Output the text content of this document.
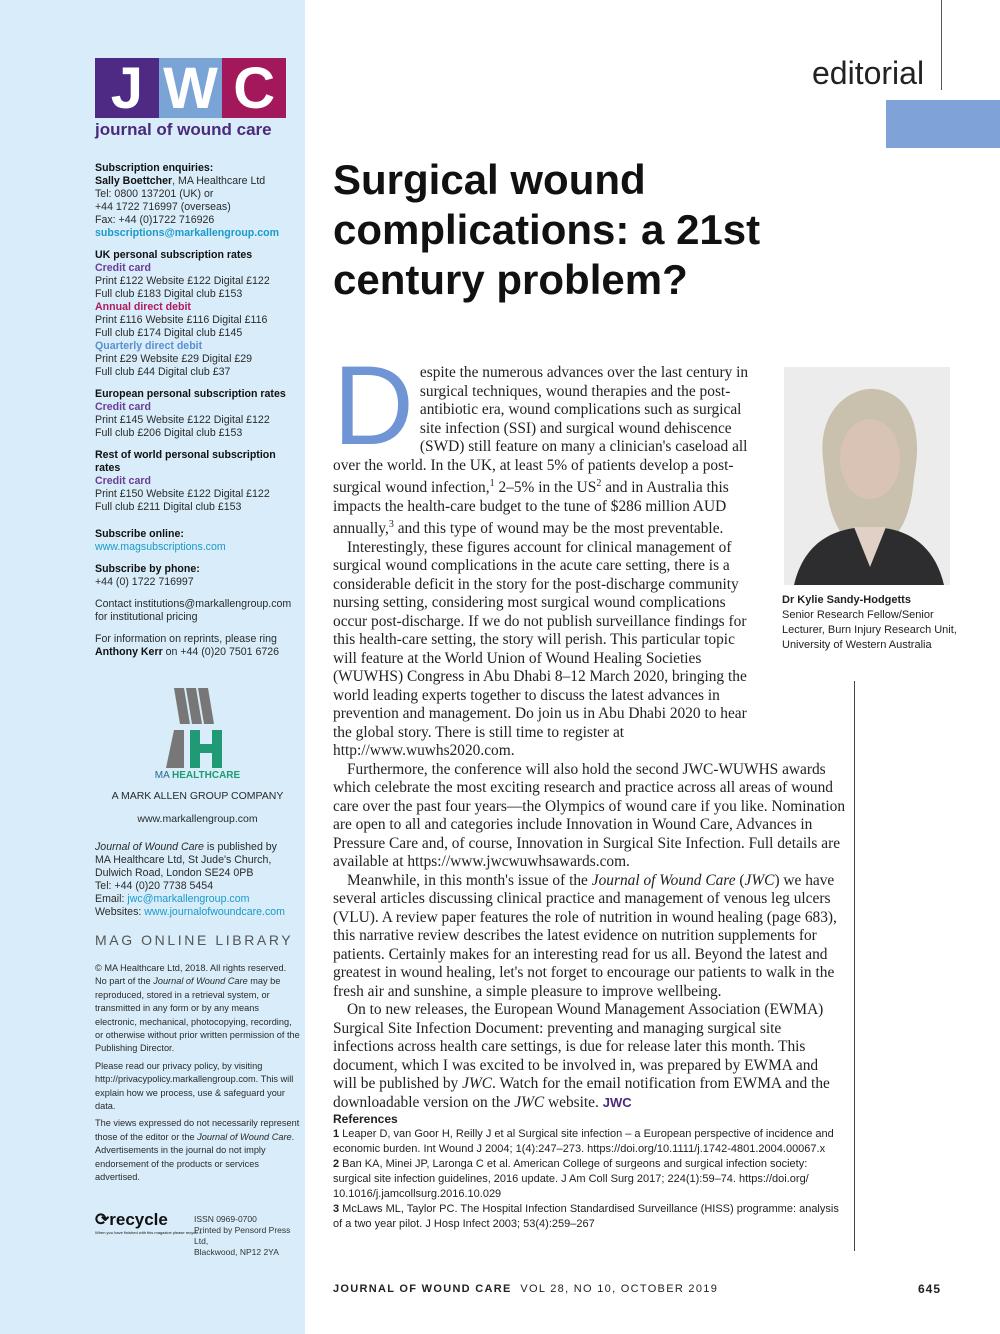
J W C
journal of wound care
Subscription enquiries:
Sally Boettcher, MA Healthcare Ltd
Tel: 0800 137201 (UK) or
+44 1722 716997 (overseas)
Fax: +44 (0)1722 716926
subscriptions@markallengroup.com
UK personal subscription rates
Credit card
Print £122 Website £122 Digital £122
Full club £183 Digital club £153
Annual direct debit
Print £116 Website £116 Digital £116
Full club £174 Digital club £145
Quarterly direct debit
Print £29 Website £29 Digital £29
Full club £44 Digital club £37
European personal subscription rates
Credit card
Print £145 Website £122 Digital £122
Full club £206 Digital club £153
Rest of world personal subscription rates
Credit card
Print £150 Website £122 Digital £122
Full club £211 Digital club £153
Subscribe online:
www.magsubscriptions.com
Subscribe by phone:
+44 (0) 1722 716997
Contact institutions@markallengroup.com
for institutional pricing
For information on reprints, please ring
Anthony Kerr on +44 (0)20 7501 6726
MA HEALTHCARE
A MARK ALLEN GROUP COMPANY
www.markallengroup.com
Journal of Wound Care is published by
MA Healthcare Ltd, St Jude's Church,
Dulwich Road, London SE24 0PB
Tel: +44 (0)20 7738 5454
Email: jwc@markallengroup.com
Websites: www.journalofwoundcare.com
MAG ONLINE LIBRARY
© MA Healthcare Ltd, 2018. All rights reserved. No part of the Journal of Wound Care may be reproduced, stored in a retrieval system, or transmitted in any form or by any means electronic, mechanical, photocopying, recording, or otherwise without prior written permission of the Publishing Director.
Please read our privacy policy, by visiting http://privacypolicy.markallengroup.com. This will explain how we process, use & safeguard your data.
The views expressed do not necessarily represent those of the editor or the Journal of Wound Care. Advertisements in the journal do not imply endorsement of the products or services advertised.
⟳recycle
When you have finished with this magazine please recycle it.
ISSN 0969-0700
Printed by Pensord Press Ltd,
Blackwood, NP12 2YA
editorial
Surgical wound complications: a 21st century problem?
D espite the numerous advances over the last century in surgical techniques, wound therapies and the post-antibiotic era, wound complications such as surgical site infection (SSI) and surgical wound dehiscence (SWD) still feature on many a clinician's caseload all over the world. In the UK, at least 5% of patients develop a post-surgical wound infection,$^1$ 2–5% in the $US^2$ and in Australia this impacts the health-care budget to the tune of $286 million AUD annually,$^3$ and this type of wound may be the most preventable.

Interestingly, these figures account for clinical management of surgical wound complications in the acute care setting, there is a considerable deficit in the story for the post-discharge community nursing setting, considering most surgical wound complications occur post-discharge. If we do not publish surveillance findings for this health-care setting, the story will perish. This particular topic will feature at the World Union of Wound Healing Societies (WUWHS) Congress in Abu Dhabi 8–12 March 2020, bringing the world leading experts together to discuss the latest advances in prevention and management. Do join us in Abu Dhabi 2020 to hear the global story. There is still time to register at http://www.wuwhs2020.com.

Furthermore, the conference will also hold the second JWC-WUWHS awards which celebrate the most exciting research and practice across all areas of wound care over the past four years—the Olympics of wound care if you like. Nomination are open to all and categories include Innovation in Wound Care, Advances in Pressure Care and, of course, Innovation in Surgical Site Infection. Full details are available at https://www.jwcwuwhsawards.com.

Meanwhile, in this month's issue of the Journal of Wound Care (JWC) we have several articles discussing clinical practice and management of venous leg ulcers (VLU). A review paper features the role of nutrition in wound healing (page 683), this narrative review describes the latest evidence on nutrition supplements for patients. Certainly makes for an interesting read for us all. Beyond the latest and greatest in wound healing, let's not forget to encourage our patients to walk in the fresh air and sunshine, a simple pleasure to improve wellbeing.

On to new releases, the European Wound Management Association (EWMA) Surgical Site Infection Document: preventing and managing surgical site infections across health care settings, is due for release later this month. This document, which I was excited to be involved in, was prepared by EWMA and will be published by JWC. Watch for the email notification from EWMA and the downloadable version on the JWC website. JWC

Dr Kylie Sandy-Hodgetts
Senior Research Fellow/Senior Lecturer, Burn Injury Research Unit, University of Western Australia
References
1 Leaper D, van Goor H, Reilly J et al Surgical site infection – a European perspective of incidence and economic burden. Int Wound J 2004; 1(4):247–273. https://doi.org/10.1111/j.1742-4801.2004.00067.x
2 Ban KA, Minei JP, Laronga C et al. American College of surgeons and surgical infection society: surgical site infection guidelines, 2016 update. J Am Coll Surg 2017; 224(1):59–74. https://doi.org/ 10.1016/j.jamcollsurg.2016.10.029
3 McLaws ML, Taylor PC. The Hospital Infection Standardised Surveillance (HISS) programme: analysis of a two year pilot. J Hosp Infect 2003; 53(4):259–267
JOURNAL OF WOUND CARE VOL 28, NO 10, OCTOBER 2019	645
